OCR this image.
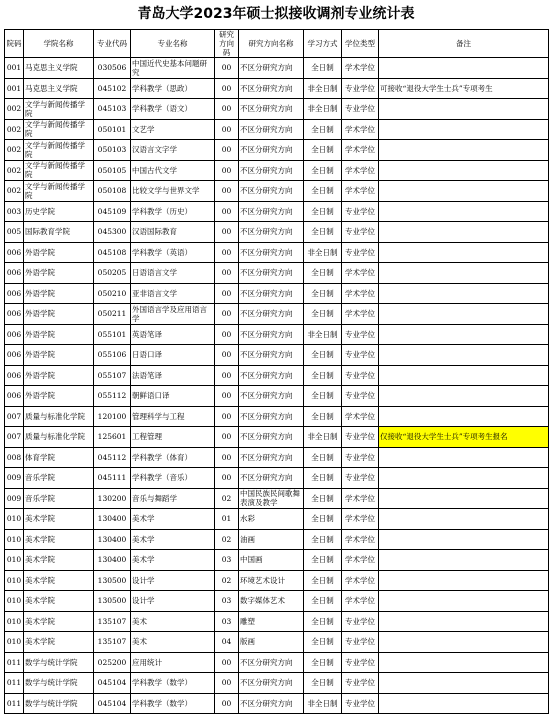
青岛大学2023年硕士拟接收调剂专业统计表
院码	学院名称	专业代码	专业名称	研究方向码	研究方向名称	学习方式	学位类型	备注
001	马克思主义学院	030506	中国近代史基本问题研究	00	不区分研究方向	全日制	学术学位	
001	马克思主义学院	045102	学科教学（思政）	00	不区分研究方向	非全日制	专业学位	可接收“退役大学生士兵”专项考生
002	文学与新闻传播学院	045103	学科教学（语文）	00	不区分研究方向	非全日制	专业学位	
002	文学与新闻传播学院	050101	文艺学	00	不区分研究方向	全日制	学术学位	
002	文学与新闻传播学院	050103	汉语言文字学	00	不区分研究方向	全日制	学术学位	
002	文学与新闻传播学院	050105	中国古代文学	00	不区分研究方向	全日制	学术学位	
002	文学与新闻传播学院	050108	比较文学与世界文学	00	不区分研究方向	全日制	学术学位	
003	历史学院	045109	学科教学（历史）	00	不区分研究方向	全日制	专业学位	
005	国际教育学院	045300	汉语国际教育	00	不区分研究方向	全日制	专业学位	
006	外语学院	045108	学科教学（英语）	00	不区分研究方向	非全日制	专业学位	
006	外语学院	050205	日语语言文学	00	不区分研究方向	全日制	学术学位	
006	外语学院	050210	亚非语言文学	00	不区分研究方向	全日制	学术学位	
006	外语学院	050211	外国语言学及应用语言学	00	不区分研究方向	全日制	学术学位	
006	外语学院	055101	英语笔译	00	不区分研究方向	非全日制	专业学位	
006	外语学院	055106	日语口译	00	不区分研究方向	全日制	专业学位	
006	外语学院	055107	法语笔译	00	不区分研究方向	全日制	专业学位	
006	外语学院	055112	朝鲜语口译	00	不区分研究方向	全日制	专业学位	
007	质量与标准化学院	120100	管理科学与工程	00	不区分研究方向	全日制	学术学位	
007	质量与标准化学院	125601	工程管理	00	不区分研究方向	非全日制	专业学位	仅接收“退役大学生士兵”专项考生报名
008	体育学院	045112	学科教学（体育）	00	不区分研究方向	全日制	专业学位	
009	音乐学院	045111	学科教学（音乐）	00	不区分研究方向	全日制	专业学位	
009	音乐学院	130200	音乐与舞蹈学	02	中国民族民间歌舞表演及教学	全日制	学术学位	
010	美术学院	130400	美术学	01	水彩	全日制	学术学位	
010	美术学院	130400	美术学	02	油画	全日制	学术学位	
010	美术学院	130400	美术学	03	中国画	全日制	学术学位	
010	美术学院	130500	设计学	02	环境艺术设计	全日制	学术学位	
010	美术学院	130500	设计学	03	数字媒体艺术	全日制	学术学位	
010	美术学院	135107	美术	03	雕塑	全日制	专业学位	
010	美术学院	135107	美术	04	版画	全日制	专业学位	
011	数学与统计学院	025200	应用统计	00	不区分研究方向	全日制	专业学位	
011	数学与统计学院	045104	学科教学（数学）	00	不区分研究方向	全日制	专业学位	
011	数学与统计学院	045104	学科教学（数学）	00	不区分研究方向	非全日制	专业学位	
